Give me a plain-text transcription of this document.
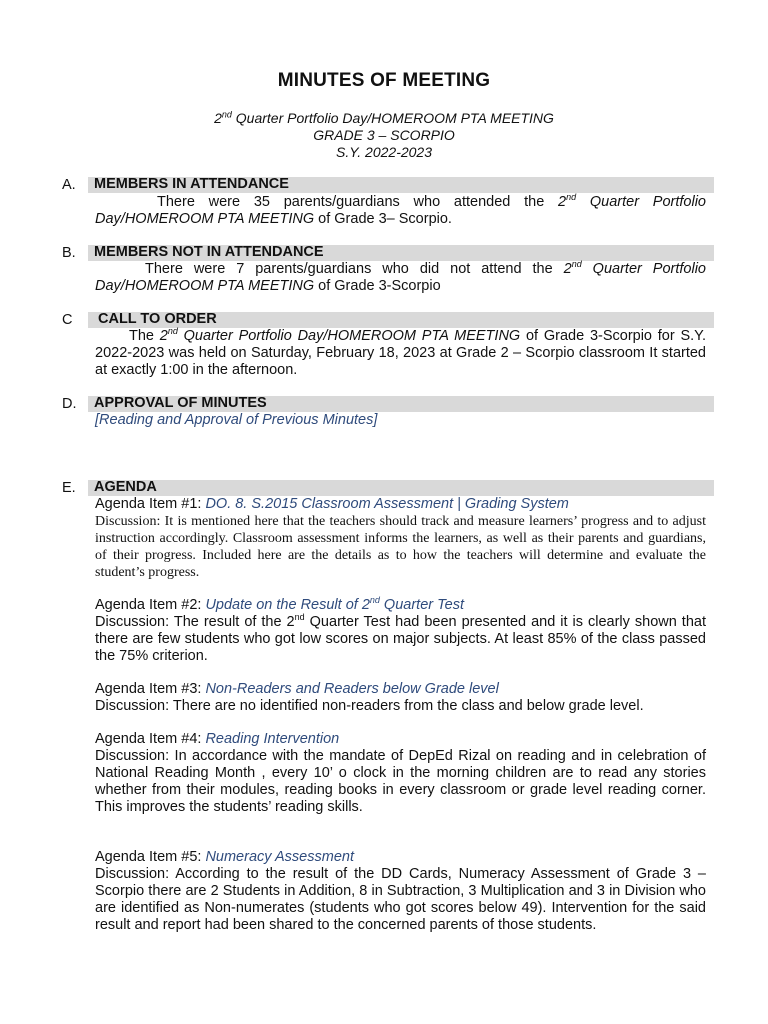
MINUTES OF MEETING
2nd Quarter Portfolio Day/HOMEROOM PTA MEETING
GRADE 3 – SCORPIO
S.Y. 2022-2023
A. MEMBERS IN ATTENDANCE
There were 35 parents/guardians who attended the 2nd Quarter Portfolio Day/HOMEROOM PTA MEETING of Grade 3– Scorpio.
B. MEMBERS NOT IN ATTENDANCE
There were 7 parents/guardians who did not attend the 2nd Quarter Portfolio Day/HOMEROOM PTA MEETING of Grade 3-Scorpio
C CALL TO ORDER
The 2nd Quarter Portfolio Day/HOMEROOM PTA MEETING of Grade 3-Scorpio for S.Y. 2022-2023 was held on Saturday, February 18, 2023 at Grade 2 – Scorpio classroom It started at exactly 1:00 in the afternoon.
D. APPROVAL OF MINUTES
[Reading and Approval of Previous Minutes]
E. AGENDA
Agenda Item #1: DO. 8. S.2015 Classroom Assessment | Grading System
Discussion: It is mentioned here that the teachers should track and measure learners’ progress and to adjust instruction accordingly. Classroom assessment informs the learners, as well as their parents and guardians, of their progress. Included here are the details as to how the teachers will determine and evaluate the student’s progress.
Agenda Item #2: Update on the Result of 2nd Quarter Test
Discussion: The result of the 2nd Quarter Test had been presented and it is clearly shown that there are few students who got low scores on major subjects. At least 85% of the class passed the 75% criterion.
Agenda Item #3: Non-Readers and Readers below Grade level
Discussion: There are no identified non-readers from the class and below grade level.
Agenda Item #4: Reading Intervention
Discussion: In accordance with the mandate of DepEd Rizal on reading and in celebration of National Reading Month , every 10’ o clock in the morning children are to read any stories whether from their modules, reading books in every classroom or grade level reading corner. This improves the students’ reading skills.
Agenda Item #5: Numeracy Assessment
Discussion: According to the result of the DD Cards, Numeracy Assessment of Grade 3 – Scorpio there are 2 Students in Addition, 8 in Subtraction, 3 Multiplication and 3 in Division who are identified as Non-numerates (students who got scores below 49). Intervention for the said result and report had been shared to the concerned parents of those students.
